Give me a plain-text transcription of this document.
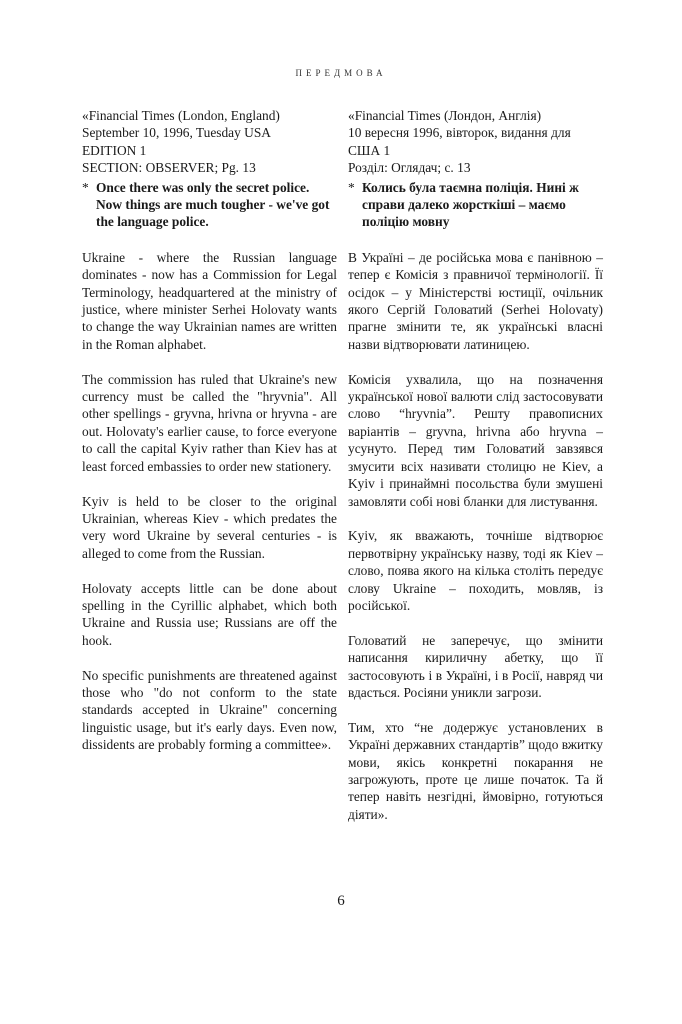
ПЕРЕДМОВА

«Financial Times (London, England)
September 10, 1996, Tuesday USA
EDITION 1
SECTION: OBSERVER; Pg. 13

* Once there was only the secret police. Now things are much tougher - we've got the language police.

Ukraine - where the Russian language dominates - now has a Commission for Legal Terminology, headquartered at the ministry of justice, where minister Serhei Holovaty wants to change the way Ukrainian names are written in the Roman alphabet.

The commission has ruled that Ukraine's new currency must be called the "hryvnia". All other spellings - gryvna, hrivna or hryvna - are out. Holovaty's earlier cause, to force everyone to call the capital Kyiv rather than Kiev has at least forced embassies to order new stationery.

Kyiv is held to be closer to the original Ukrainian, whereas Kiev - which predates the very word Ukraine by several centuries - is alleged to come from the Russian.

Holovaty accepts little can be done about spelling in the Cyrillic alphabet, which both Ukraine and Russia use; Russians are off the hook.

No specific punishments are threatened against those who "do not conform to the state standards accepted in Ukraine" concerning linguistic usage, but it's early days. Even now, dissidents are probably forming a committee».

«Financial Times (Лондон, Англія)
10 вересня 1996, вівторок, видання для
США 1
Розділ: Оглядач; с. 13

* Колись була таємна поліція. Нині ж справи далеко жорсткіші – маємо поліцію мовну

В Україні – де російська мова є панівною – тепер є Комісія з правничої термінології. Її осідок – у Міністерстві юстиції, очільник якого Сергій Головатий (Serhei Holovaty) прагне змінити те, як українські власні назви відтворювати латиницею.

Комісія ухвалила, що на позначення української нової валюти слід застосовувати слово “hryvnia”. Решту правописних варіантів – gryvna, hrivna або hryvna – усунуто. Перед тим Головатий завзявся змусити всіх називати столицю не Kiev, а Kyiv і принаймні посольства були змушені замовляти собі нові бланки для листування.

Kyiv, як вважають, точніше відтворює первотвірну українську назву, тоді як Kiev – слово, поява якого на кілька століть передує слову Ukraine – походить, мовляв, із російської.

Головатий не заперечує, що змінити написання кириличну абетку, що її застосовують і в Україні, і в Росії, навряд чи вдасться. Росіяни уникли загрози.

Тим, хто “не додержує установлених в Україні державних стандартів” щодо вжитку мови, якісь конкретні покарання не загрожують, проте це лише початок. Та й тепер навіть незгідні, ймовірно, готуються діяти».

6
